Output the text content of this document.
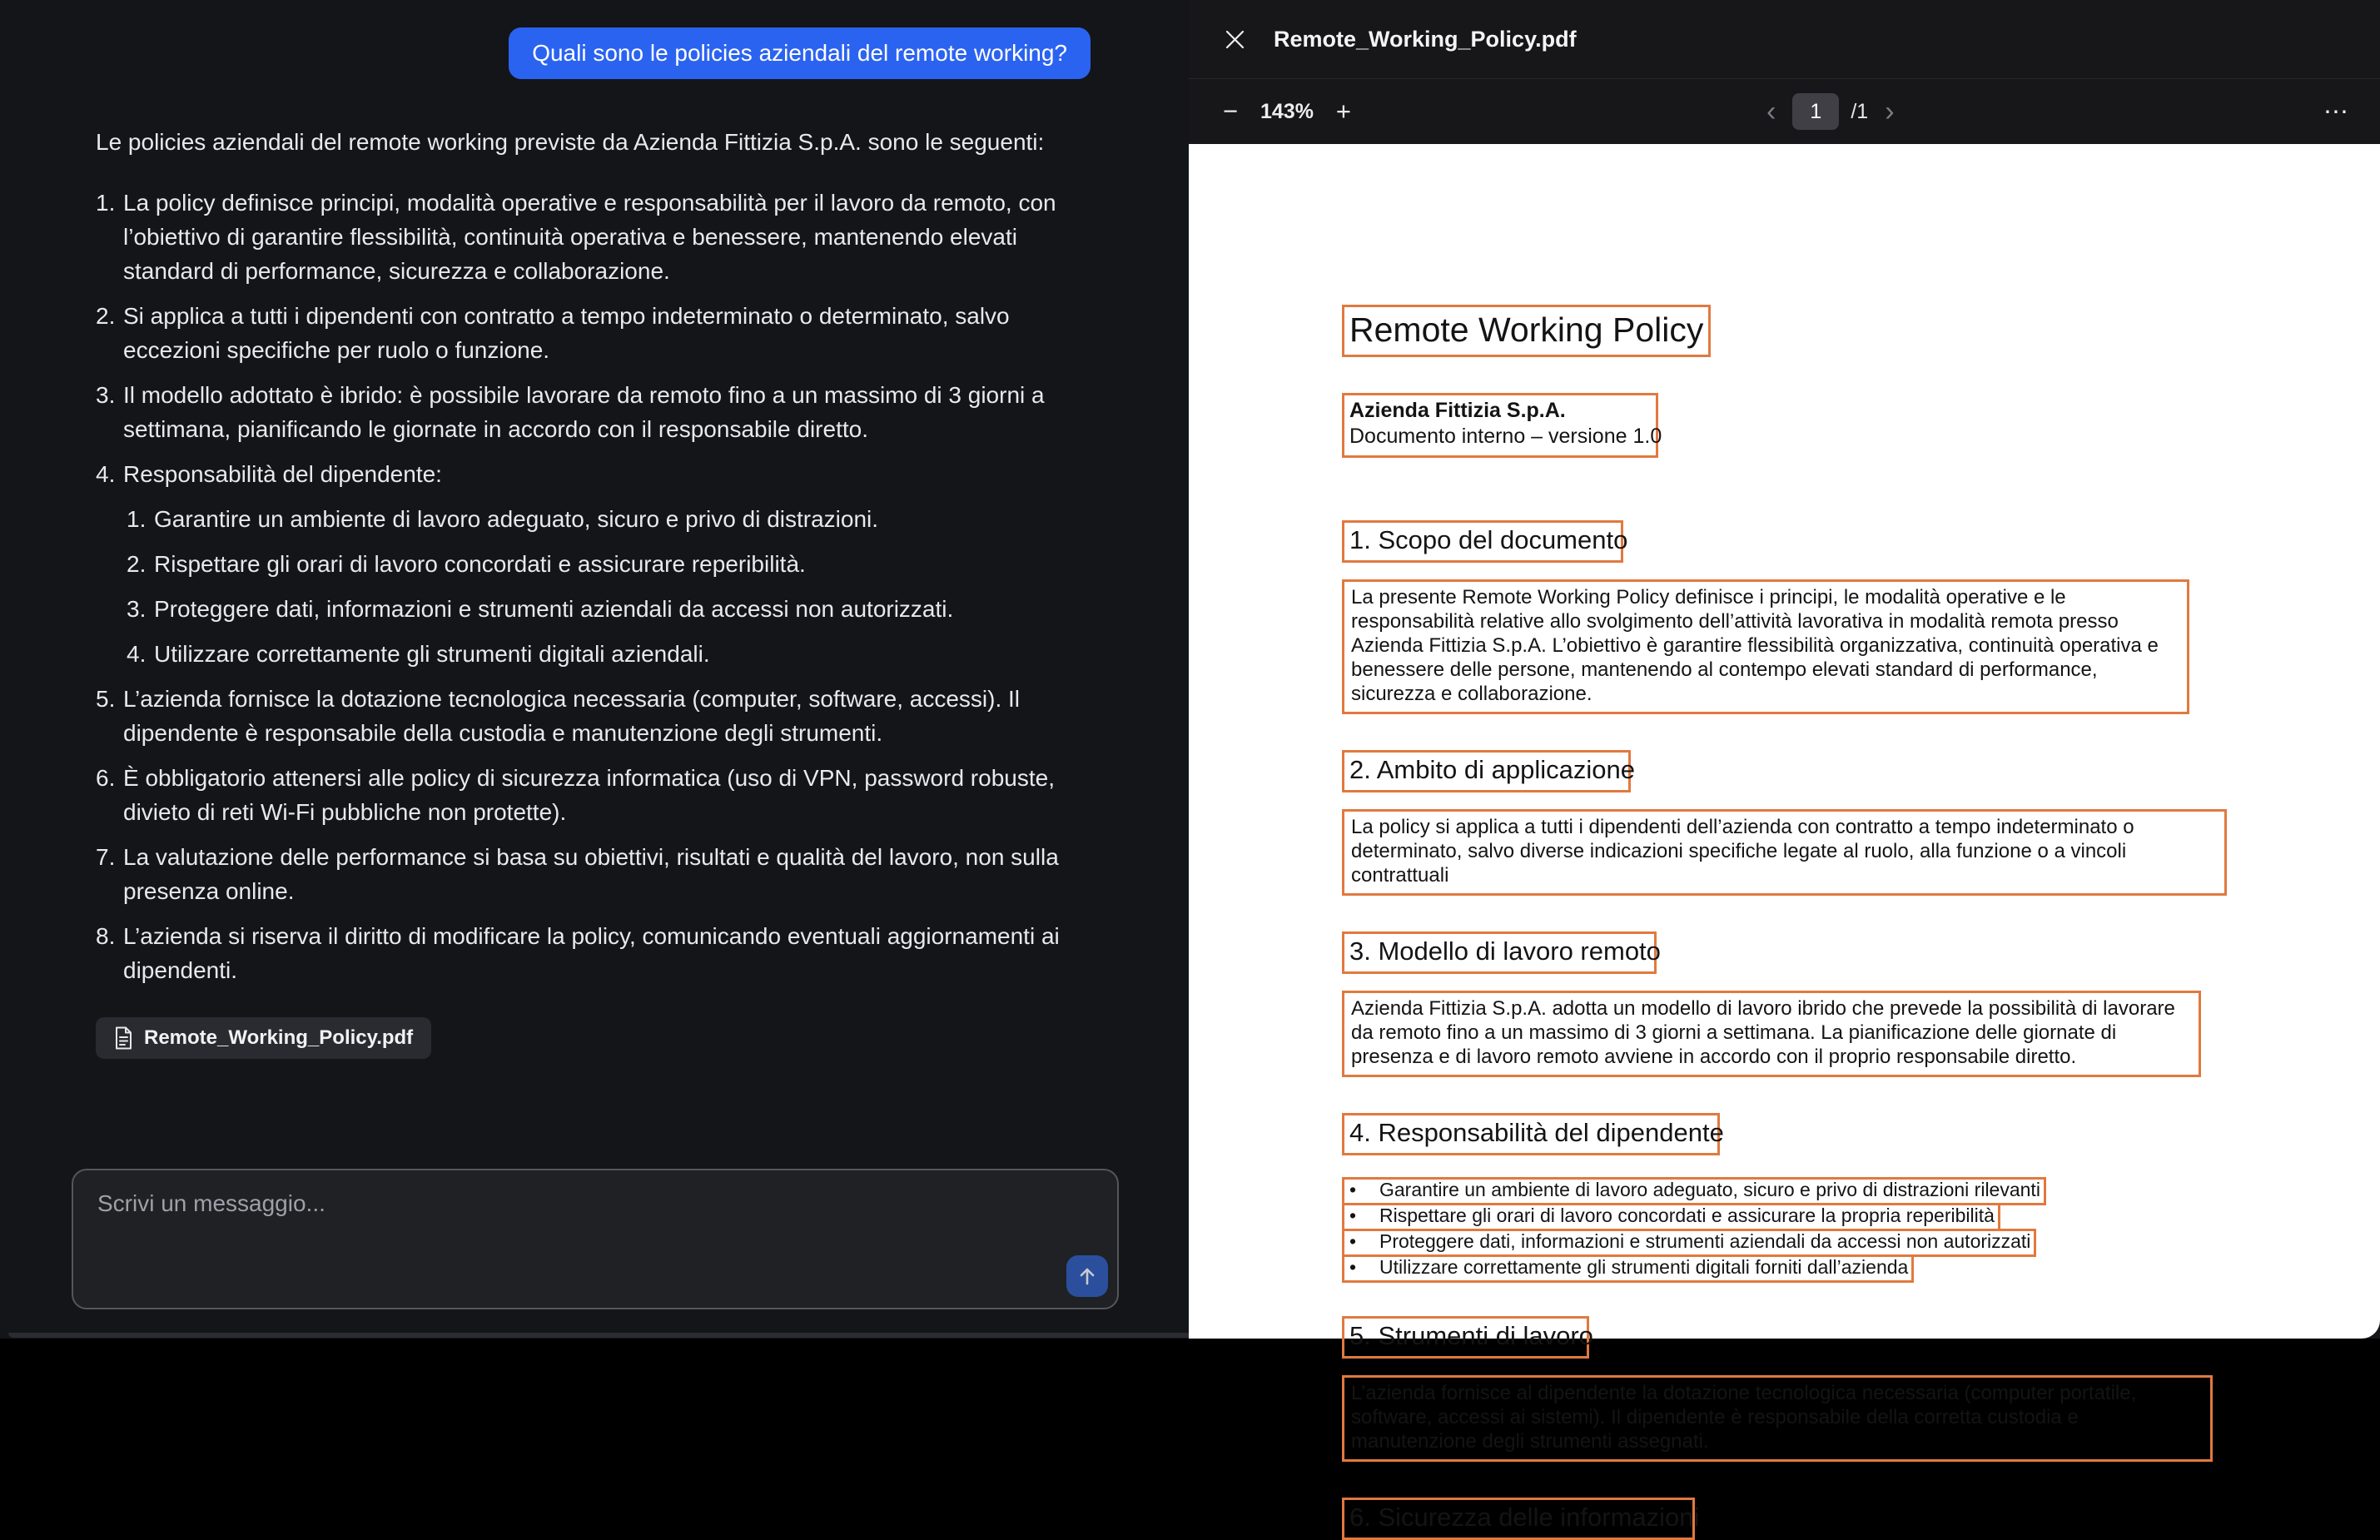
Quali sono le policies aziendali del remote working?

Le policies aziendali del remote working previste da Azienda Fittizia S.p.A. sono le seguenti:

1. La policy definisce principi, modalità operative e responsabilità per il lavoro da remoto, con l’obiettivo di garantire flessibilità, continuità operativa e benessere, mantenendo elevati standard di performance, sicurezza e collaborazione.
2. Si applica a tutti i dipendenti con contratto a tempo indeterminato o determinato, salvo eccezioni specifiche per ruolo o funzione.
3. Il modello adottato è ibrido: è possibile lavorare da remoto fino a un massimo di 3 giorni a settimana, pianificando le giornate in accordo con il responsabile diretto.
4. Responsabilità del dipendente:
1. Garantire un ambiente di lavoro adeguato, sicuro e privo di distrazioni.
2. Rispettare gli orari di lavoro concordati e assicurare reperibilità.
3. Proteggere dati, informazioni e strumenti aziendali da accessi non autorizzati.
4. Utilizzare correttamente gli strumenti digitali aziendali.
5. L’azienda fornisce la dotazione tecnologica necessaria (computer, software, accessi). Il dipendente è responsabile della custodia e manutenzione degli strumenti.
6. È obbligatorio attenersi alle policy di sicurezza informatica (uso di VPN, password robuste, divieto di reti Wi-Fi pubbliche non protette).
7. La valutazione delle performance si basa su obiettivi, risultati e qualità del lavoro, non sulla presenza online.
8. L’azienda si riserva il diritto di modificare la policy, comunicando eventuali aggiornamenti ai dipendenti.
Remote_Working_Policy.pdf
Scrivi un messaggio...
Remote_Working_Policy.pdf
−	143% +	‹	1	/1 ›	⋯
Remote Working Policy
Azienda Fittizia S.p.A.
Documento interno – versione 1.0
1. Scopo del documento
La presente Remote Working Policy definisce i principi, le modalità operative e le responsabilità relative allo svolgimento dell’attività lavorativa in modalità remota presso Azienda Fittizia S.p.A. L’obiettivo è garantire flessibilità organizzativa, continuità operativa e benessere delle persone, mantenendo al contempo elevati standard di performance, sicurezza e collaborazione.
2. Ambito di applicazione
La policy si applica a tutti i dipendenti dell’azienda con contratto a tempo indeterminato o determinato, salvo diverse indicazioni specifiche legate al ruolo, alla funzione o a vincoli contrattuali
3. Modello di lavoro remoto
Azienda Fittizia S.p.A. adotta un modello di lavoro ibrido che prevede la possibilità di lavorare da remoto fino a un massimo di 3 giorni a settimana. La pianificazione delle giornate di presenza e di lavoro remoto avviene in accordo con il proprio responsabile diretto.
4. Responsabilità del dipendente
•	Garantire un ambiente di lavoro adeguato, sicuro e privo di distrazioni rilevanti
•	Rispettare gli orari di lavoro concordati e assicurare la propria reperibilità
•	Proteggere dati, informazioni e strumenti aziendali da accessi non autorizzati
•	Utilizzare correttamente gli strumenti digitali forniti dall’azienda
5. Strumenti di lavoro
L’azienda fornisce al dipendente la dotazione tecnologica necessaria (computer portatile, software, accessi ai sistemi). Il dipendente è responsabile della corretta custodia e manutenzione degli strumenti assegnati.
6. Sicurezza delle informazioni
